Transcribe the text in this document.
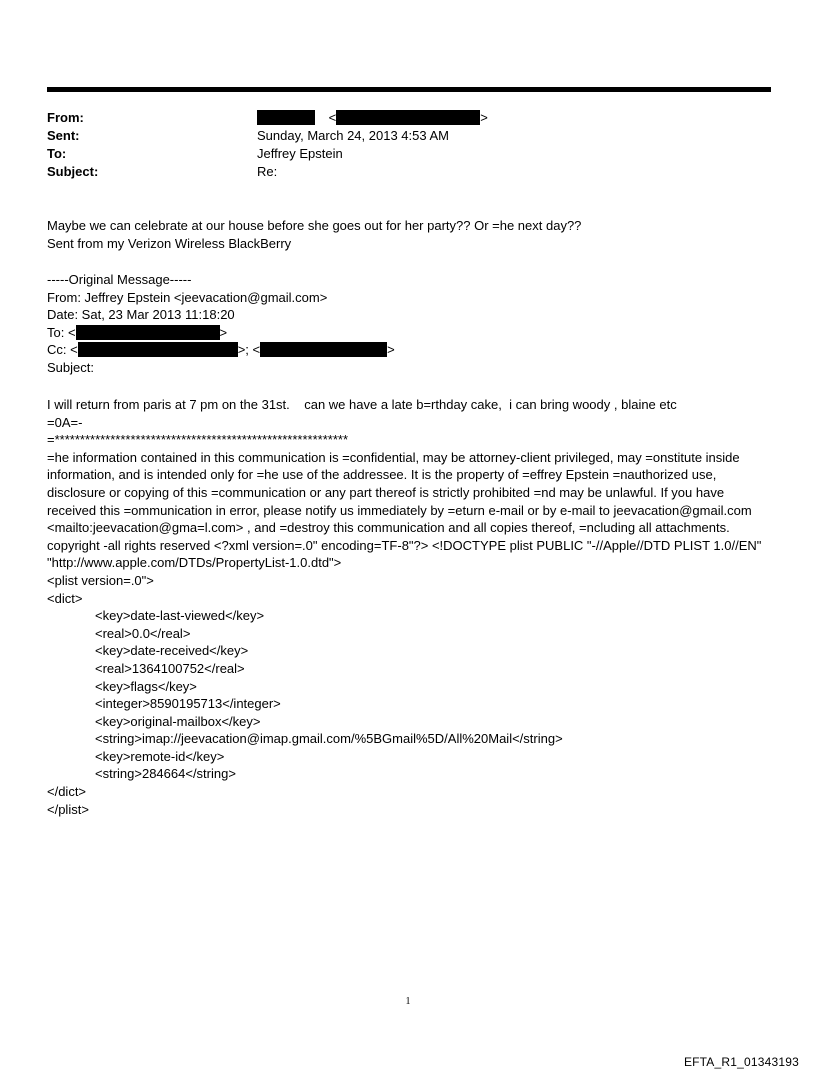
From:	<	>
Sent:	Sunday, March 24, 2013 4:53 AM
To:	Jeffrey Epstein
Subject:	Re:

Maybe we can celebrate at our house before she goes out for her party?? Or =he next day??

Sent from my Verizon Wireless BlackBerry

-----Original Message-----

From: Jeffrey Epstein <jeevacation@gmail.com>

Date: Sat, 23 Mar 2013 11:18:20

To: <	>

Cc: <	>; <	>

Subject:

I will return from paris at 7 pm on the 31st.    can we have a late b=rthday cake,  i can bring woody , blaine etc

=0A=-

=**********************************************************

=he information contained in this communication is =confidential, may be attorney-client privileged, may =onstitute inside information, and is intended only for =he use of the addressee. It is the property of =effrey Epstein =nauthorized use, disclosure or copying of this =communication or any part thereof is strictly prohibited =nd may be unlawful. If you have received this =ommunication in error, please notify us immediately by =eturn e-mail or by e-mail to jeevacation@gmail.com <mailto:jeevacation@gma=l.com> , and =destroy this communication and all copies thereof, =ncluding all attachments. copyright -all rights reserved <?xml version=.0" encoding=TF-8"?> <!DOCTYPE plist PUBLIC "-//Apple//DTD PLIST 1.0//EN" "http://www.apple.com/DTDs/PropertyList-1.0.dtd">

<plist version=.0">

<dict>

<key>date-last-viewed</key>

<real>0.0</real>

<key>date-received</key>

<real>1364100752</real>

<key>flags</key>

<integer>8590195713</integer>

<key>original-mailbox</key>

<string>imap://jeevacation@imap.gmail.com/%5BGmail%5D/All%20Mail</string>

<key>remote-id</key>

<string>284664</string>

</dict>

</plist>

1
EFTA_R1_01343193
